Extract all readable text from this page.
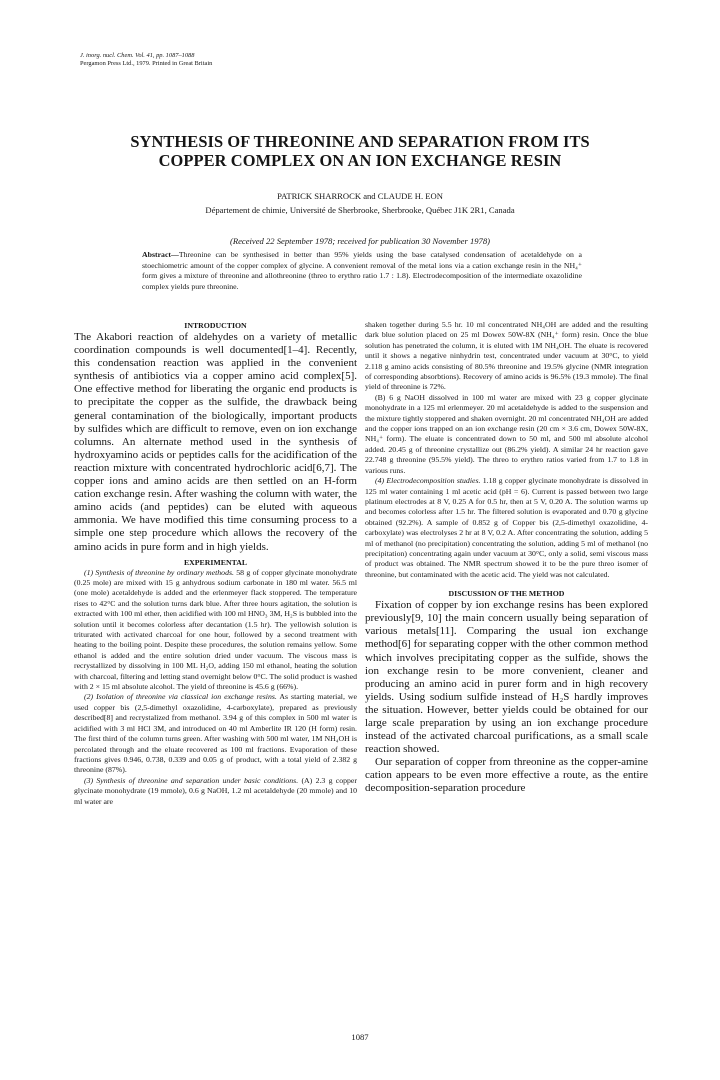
J. inorg. nucl. Chem. Vol. 41, pp. 1087–1088
Pergamon Press Ltd., 1979. Printed in Great Britain
SYNTHESIS OF THREONINE AND SEPARATION FROM ITS
COPPER COMPLEX ON AN ION EXCHANGE RESIN
PATRICK SHARROCK and CLAUDE H. EON
Département de chimie, Université de Sherbrooke, Sherbrooke, Québec J1K 2R1, Canada
(Received 22 September 1978; received for publication 30 November 1978)
Abstract—Threonine can be synthesised in better than 95% yields using the base catalysed condensation of acetaldehyde on a stoechiometric amount of the copper complex of glycine. A convenient removal of the metal ions via a cation exchange resin in the NH₄⁺ form gives a mixture of threonine and allothreonine (threo to erythro ratio 1.7 : 1.8). Electrodecomposition of the intermediate oxazolidine complex yields pure threonine.

INTRODUCTION

The Akabori reaction of aldehydes on a variety of metallic coordination compounds is well documented[1–4]. Recently, this condensation reaction was applied in the convenient synthesis of antibiotics via a copper amino acid complex[5]. One effective method for liberating the organic end products is to precipitate the copper as the sulfide, the drawback being general contamination of the biologically, important products by sulfides which are difficult to remove, even on ion exchange columns. An alternate method used in the synthesis of hydroxyamino acids or peptides calls for the acidification of the reaction mixture with concentrated hydrochloric acid[6,7]. The copper ions and amino acids are then settled on an H-form cation exchange resin. After washing the column with water, the amino acids (and peptides) can be eluted with aqueous ammonia. We have modified this time consuming process to a simple one step procedure which allows the recovery of the amino acids in pure form and in high yields.

EXPERIMENTAL

(1) Synthesis of threonine by ordinary methods. 58 g of copper glycinate monohydrate (0.25 mole) are mixed with 15 g anhydrous sodium carbonate in 180 ml water. 56.5 ml (one mole) acetaldehyde is added and the erlenmeyer flack stoppered. The temperature rises to 42°C and the solution turns dark blue. After three hours agitation, the solution is extracted with 100 ml ether, then acidified with 100 ml HNO₃ 3M, H₂S is bubbled into the solution until it becomes colorless after decantation (1.5 hr). The yellowish solution is triturated with activated charcoal for one hour, followed by a second treatment with heating to the boiling point. Despite these procedures, the solution remains yellow. Some ethanol is added and the entire solution dried under vacuum. The viscous mass is recrystallized by dissolving in 100 ML H₂O, adding 150 ml ethanol, heating the solution with charcoal, filtering and letting stand overnight below 0°C. The solid product is washed with 2 × 15 ml absolute alcohol. The yield of threonine is 45.6 g (66%).

(2) Isolation of threonine via classical ion exchange resins. As starting material, we used copper bis (2,5-dimethyl oxazolidine, 4-carboxylate), prepared as previously described[8] and recrystalized from methanol. 3.94 g of this complex in 500 ml water is acidified with 3 ml HCl 3M, and introduced on 40 ml Amberlite IR 120 (H form) resin. The first third of the column turns green. After washing with 500 ml water, 1M NH₄OH is percolated through and the eluate recovered as 100 ml fractions. Evaporation of these fractions gives 0.946, 0.738, 0.339 and 0.05 g of product, with a total yield of 2.382 g threonine (87%).

(3) Synthesis of threonine and separation under basic conditions. (A) 2.3 g copper glycinate monohydrate (19 mmole), 0.6 g NaOH, 1.2 ml acetaldehyde (20 mmole) and 10 ml water are

shaken together during 5.5 hr. 10 ml concentrated NH₄OH are added and the resulting dark blue solution placed on 25 ml Dowex 50W-8X (NH₄⁺ form) resin. Once the blue solution has penetrated the column, it is eluted with 1M NH₄OH. The eluate is recovered until it shows a negative ninhydrin test, concentrated under vacuum at 30°C, to yield 2.118 g amino acids consisting of 80.5% threonine and 19.5% glycine (NMR integration of corresponding absorbtions). Recovery of amino acids is 96.5% (19.3 mmole). The final yield of threonine is 72%.

(B) 6 g NaOH dissolved in 100 ml water are mixed with 23 g copper glycinate monohydrate in a 125 ml erlenmeyer. 20 ml acetaldehyde is added to the suspension and the mixture tightly stoppered and shaken overnight. 20 ml concentrated NH₄OH are added and the copper ions trapped on an ion exchange resin (20 cm × 3.6 cm, Dowex 50W-8X, NH₄⁺ form). The eluate is concentrated down to 50 ml, and 500 ml absolute alcohol added. 20.45 g of threonine crystallize out (86.2% yield). A similar 24 hr reaction gave 22.748 g threonine (95.5% yield). The threo to erythro ratios varied from 1.7 to 1.8 in various runs.

(4) Electrodecomposition studies. 1.18 g copper glycinate monohydrate is dissolved in 125 ml water containing 1 ml acetic acid (pH = 6). Current is passed between two large platinum electrodes at 8 V, 0.25 A for 0.5 hr, then at 5 V, 0.20 A. The solution warms up and becomes colorless after 1.5 hr. The filtered solution is evaporated and 0.70 g glycine obtained (92.2%). A sample of 0.852 g of Copper bis (2,5-dimethyl oxazolidine, 4-carboxylate) was electrolyses 2 hr at 8 V, 0.2 A. After concentrating the solution, adding 5 ml of methanol (no precipitation) concentrating the solution, adding 5 ml of methanol (no precipitation) concentrating again under vacuum at 30°C, only a solid, semi viscous mass of product was obtained. The NMR spectrum showed it to be the pure threo isomer of threonine, but contaminated with the acetic acid. The yield was not calculated.

DISCUSSION OF THE METHOD

Fixation of copper by ion exchange resins has been explored previously[9, 10] the main concern usually being separation of various metals[11]. Comparing the usual ion exchange method[6] for separating copper with the other common method which involves precipitating copper as the sulfide, shows the ion exchange resin to be more convenient, cleaner and producing an amino acid in purer form and in high recovery yields. Using sodium sulfide instead of H₂S hardly improves the situation. However, better yields could be obtained for our large scale preparation by using an ion exchange procedure instead of the activated charcoal purifications, as a small scale reaction showed.

Our separation of copper from threonine as the copper-amine cation appears to be even more effective a route, as the entire decomposition-separation procedure

1087
